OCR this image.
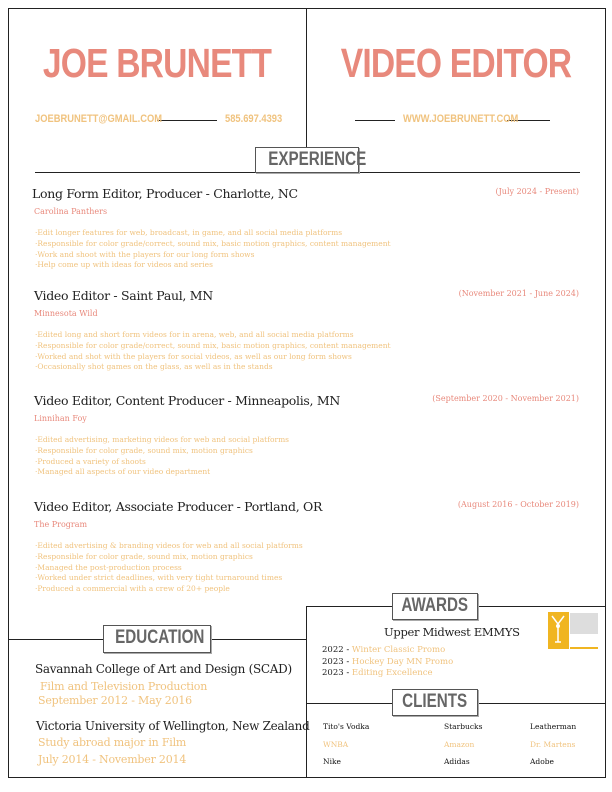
JOE BRUNETT VIDEO EDITOR
JOEBRUNETT@GMAIL.COM	585.697.4393	WWW.JOEBRUNETT.COM
EXPERIENCE
Long Form Editor, Producer - Charlotte, NC	(July 2024 - Present)
Carolina Panthers
· Edit longer features for web, broadcast, in game, and all social media platforms
· Responsible for color grade/correct, sound mix, basic motion graphics, content management
· Work and shoot with the players for our long form shows
· Help come up with ideas for videos and series
Video Editor - Saint Paul, MN	(November 2021 - June 2024)
Minnesota Wild
· Edited long and short form videos for in arena, web, and all social media platforms
· Responsible for color grade/correct, sound mix, basic motion graphics, content management
· Worked and shot with the players for social videos, as well as our long form shows
· Occasionally shot games on the glass, as well as in the stands
Video Editor, Content Producer - Minneapolis, MN	(September 2020 - November 2021)
Linnihan Foy
· Edited advertising, marketing videos for web and social platforms
· Responsible for color grade, sound mix, motion graphics
· Produced a variety of shoots
· Managed all aspects of our video department
Video Editor, Associate Producer - Portland, OR	(August 2016 - October 2019)
The Program
· Edited advertising & branding videos for web and all social platforms
· Responsible for color grade, sound mix, motion graphics
· Managed the post-production process
· Worked under strict deadlines, with very tight turnaround times
· Produced a commercial with a crew of 20+ people
EDUCATION
Savannah College of Art and Design (SCAD)
Film and Television Production
September 2012 - May 2016
Victoria University of Wellington, New Zealand
Study abroad major in Film
July 2014 - November 2014
AWARDS
Upper Midwest EMMYS
2022 - Winter Classic Promo
2023 - Hockey Day MN Promo
2023 - Editing Excellence
CLIENTS
Tito's Vodka	Starbucks	Leatherman
WNBA	Amazon	Dr. Martens
Nike	Adidas	Adobe
